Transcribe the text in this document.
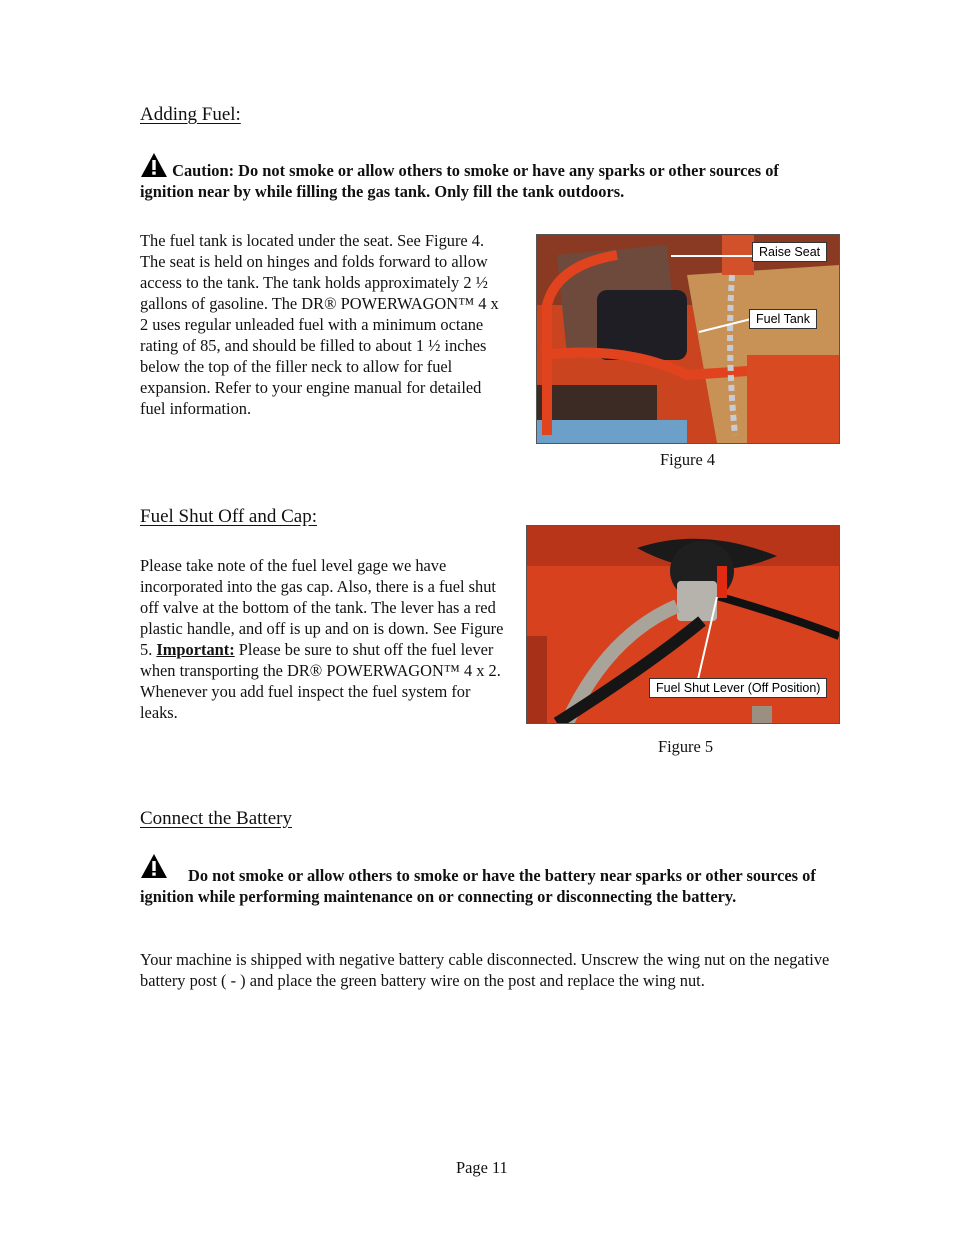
Adding Fuel:
Caution: Do not smoke or allow others to smoke or have any sparks or other sources of ignition near by while filling the gas tank. Only fill the tank outdoors.
The fuel tank is located under the seat. See Figure 4. The seat is held on hinges and folds forward to allow access to the tank. The tank holds approximately 2 ½ gallons of gasoline. The DR® POWERWAGON™ 4 x 2 uses regular unleaded fuel with a minimum octane rating of 85, and should be filled to about 1 ½ inches below the top of the filler neck to allow for fuel expansion. Refer to your engine manual for detailed fuel information.
Raise Seat
Fuel Tank
Figure 4
Fuel Shut Off and Cap:
Please take note of the fuel level gage we have incorporated into the gas cap. Also, there is a fuel shut off valve at the bottom of the tank. The lever has a red plastic handle, and off is up and on is down. See Figure 5. Important: Please be sure to shut off the fuel lever when transporting the DR® POWERWAGON™ 4 x 2. Whenever you add fuel inspect the fuel system for leaks.
Fuel Shut Lever (Off Position)
Figure 5
Connect the Battery
Do not smoke or allow others to smoke or have the battery near sparks or other sources of ignition while performing maintenance on or connecting or disconnecting the battery.
Your machine is shipped with negative battery cable disconnected. Unscrew the wing nut on the negative battery post ( - ) and place the green battery wire on the post and replace the wing nut.
Page 11
